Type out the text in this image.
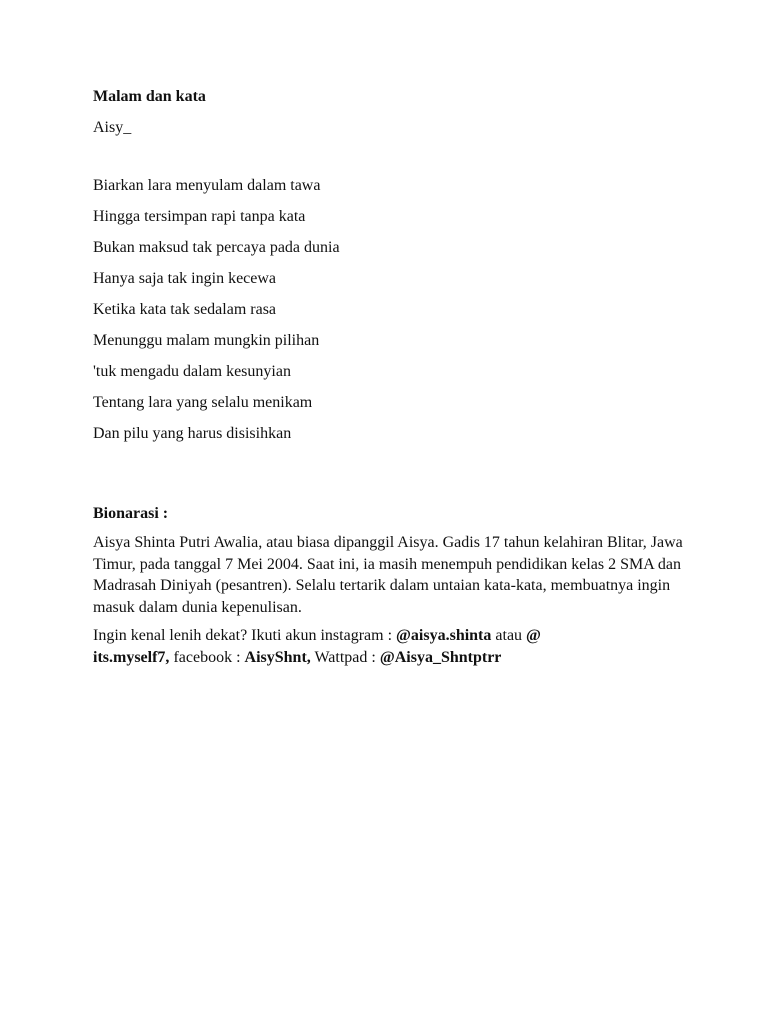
Malam dan kata

Aisy_

Biarkan lara menyulam dalam tawa

Hingga tersimpan rapi tanpa kata

Bukan maksud tak percaya pada dunia

Hanya saja tak ingin kecewa

Ketika kata tak sedalam rasa

Menunggu malam mungkin pilihan

'tuk mengadu dalam kesunyian

Tentang lara yang selalu menikam

Dan pilu yang harus disisihkan

Bionarasi :

Aisya Shinta Putri Awalia, atau biasa dipanggil Aisya. Gadis 17 tahun kelahiran Blitar, Jawa Timur, pada tanggal 7 Mei 2004. Saat ini, ia masih menempuh pendidikan kelas 2 SMA dan Madrasah Diniyah (pesantren). Selalu tertarik dalam untaian kata-kata, membuatnya ingin masuk dalam dunia kepenulisan.

Ingin kenal lenih dekat? Ikuti akun instagram : @aisya.shinta atau @
its.myself7, facebook : AisyShnt, Wattpad : @Aisya_Shntptrr
